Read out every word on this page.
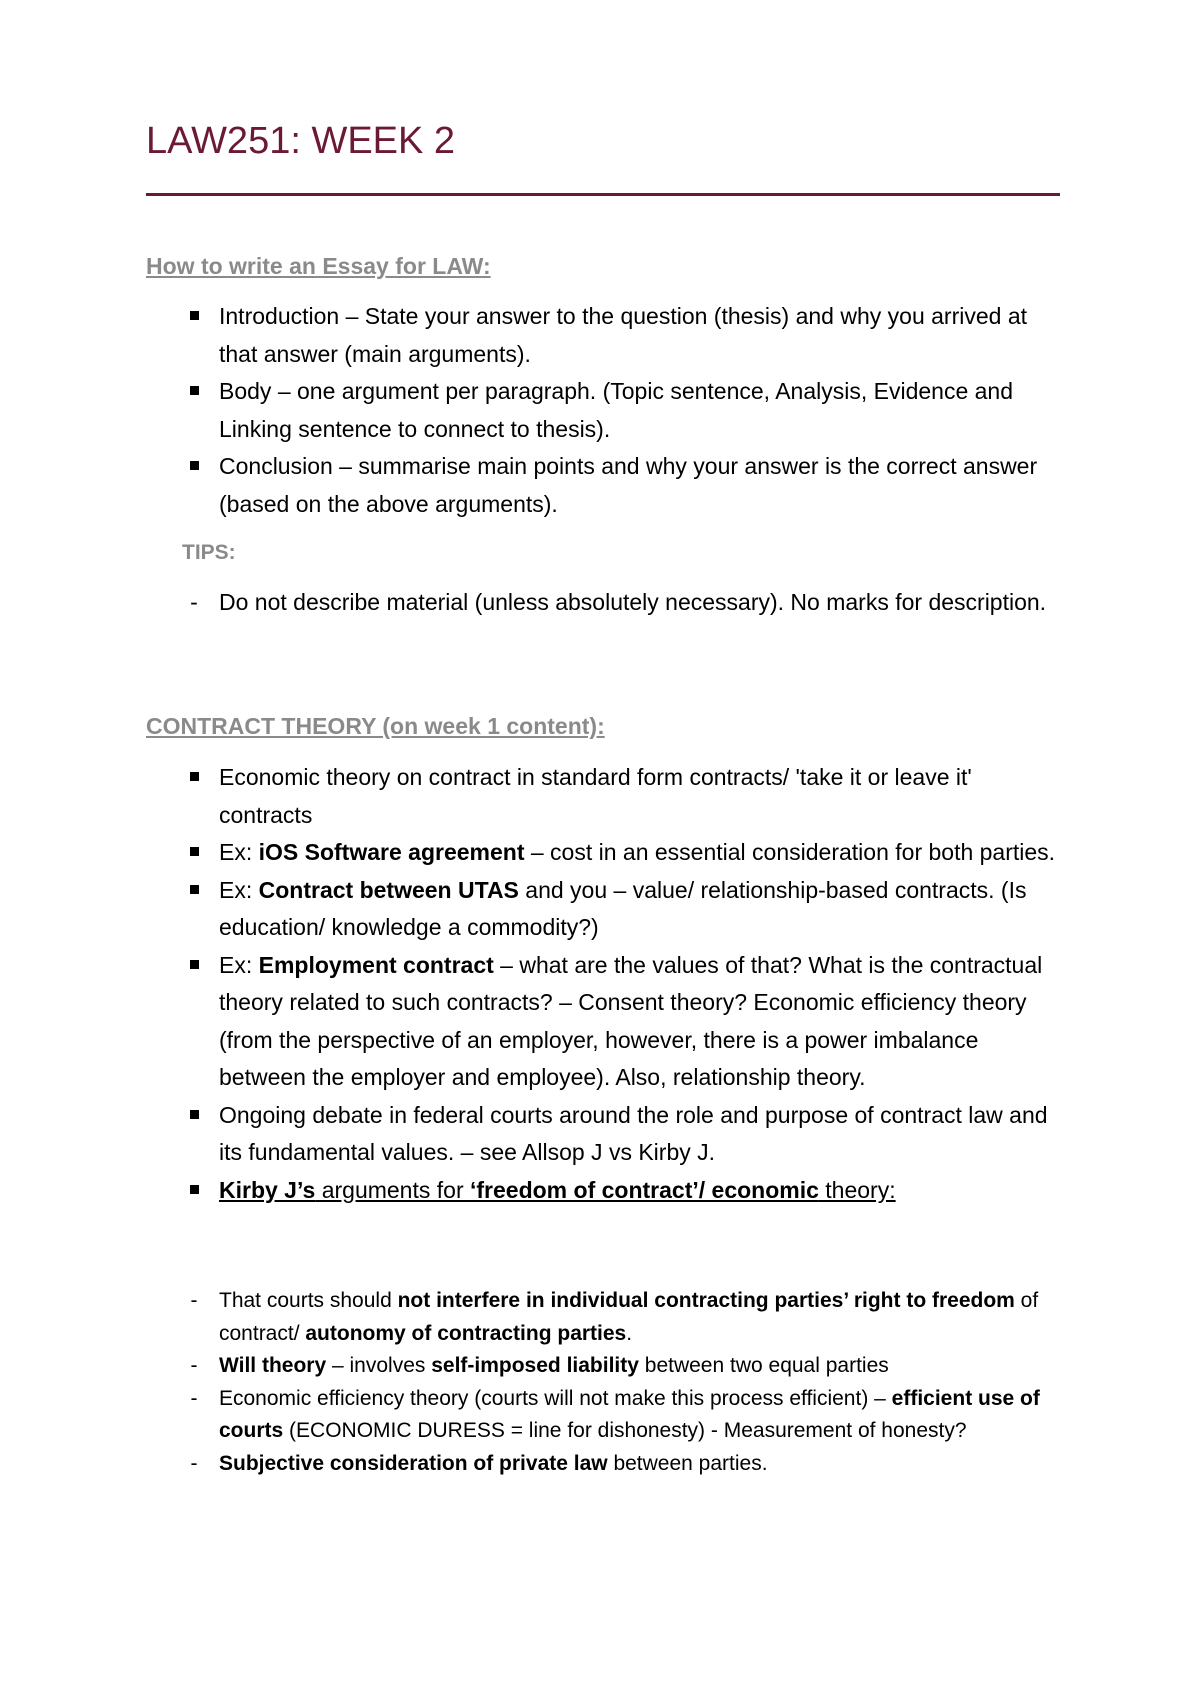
LAW251: WEEK 2
How to write an Essay for LAW:
Introduction – State your answer to the question (thesis) and why you arrived at that answer (main arguments).
Body – one argument per paragraph. (Topic sentence, Analysis, Evidence and Linking sentence to connect to thesis).
Conclusion – summarise main points and why your answer is the correct answer (based on the above arguments).
TIPS:
- Do not describe material (unless absolutely necessary). No marks for description.
CONTRACT THEORY (on week 1 content):
Economic theory on contract in standard form contracts/ 'take it or leave it' contracts
Ex: iOS Software agreement – cost in an essential consideration for both parties.
Ex: Contract between UTAS and you – value/ relationship-based contracts. (Is education/ knowledge a commodity?)
Ex: Employment contract – what are the values of that? What is the contractual theory related to such contracts? – Consent theory? Economic efficiency theory (from the perspective of an employer, however, there is a power imbalance between the employer and employee). Also, relationship theory.
Ongoing debate in federal courts around the role and purpose of contract law and its fundamental values. – see Allsop J vs Kirby J.
Kirby J’s arguments for ‘freedom of contract’/ economic theory:
-	That courts should not interfere in individual contracting parties’ right to freedom of contract/ autonomy of contracting parties.
-	Will theory – involves self-imposed liability between two equal parties
-	Economic efficiency theory (courts will not make this process efficient) – efficient use of courts (ECONOMIC DURESS = line for dishonesty) - Measurement of honesty?
-	Subjective consideration of private law between parties.
